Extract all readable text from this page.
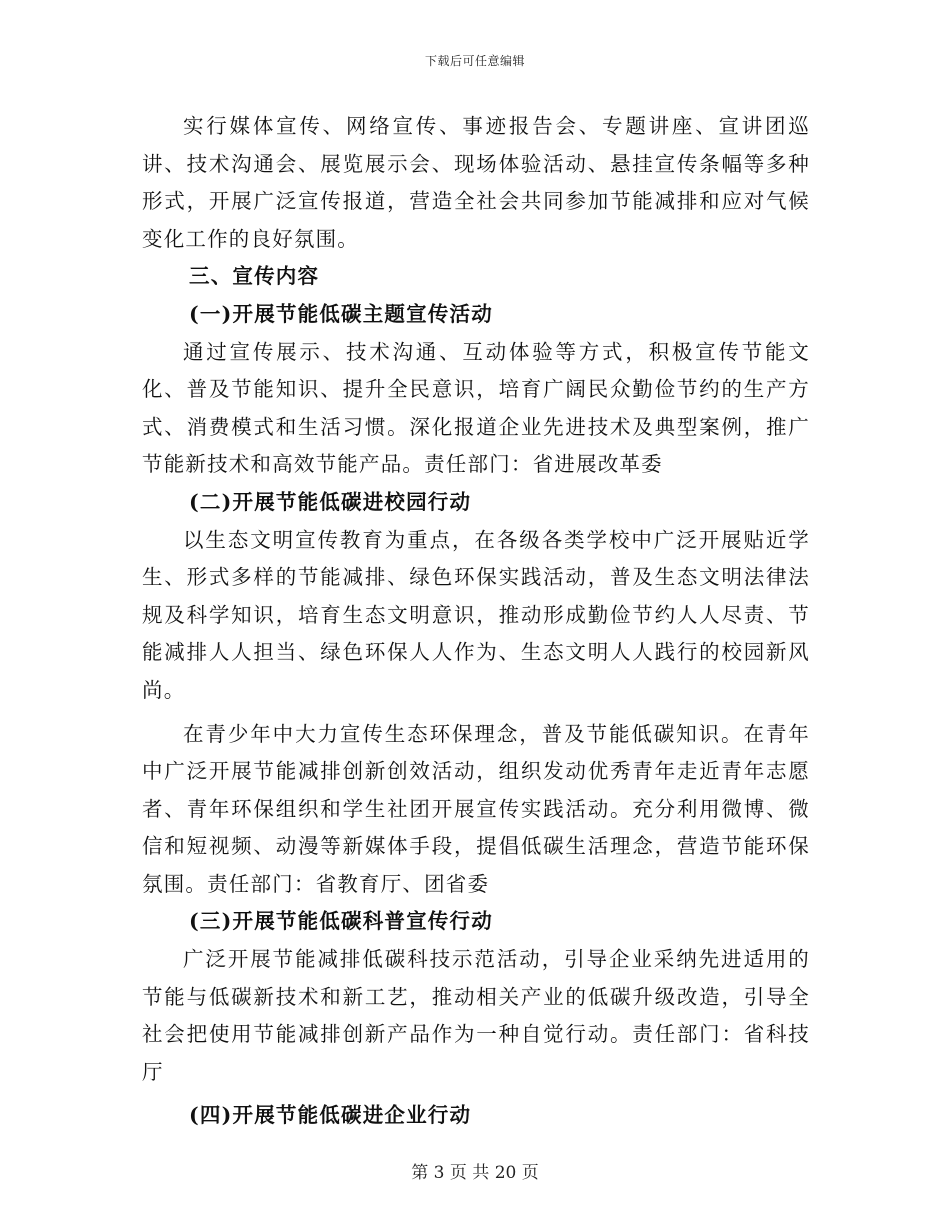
下载后可任意编辑

实行媒体宣传、网络宣传、事迹报告会、专题讲座、宣讲团巡讲、技术沟通会、展览展示会、现场体验活动、悬挂宣传条幅等多种形式，开展广泛宣传报道，营造全社会共同参加节能减排和应对气候变化工作的良好氛围。

三、宣传内容

(一)开展节能低碳主题宣传活动

通过宣传展示、技术沟通、互动体验等方式，积极宣传节能文化、普及节能知识、提升全民意识，培育广阔民众勤俭节约的生产方式、消费模式和生活习惯。深化报道企业先进技术及典型案例，推广节能新技术和高效节能产品。责任部门：省进展改革委

(二)开展节能低碳进校园行动

以生态文明宣传教育为重点，在各级各类学校中广泛开展贴近学生、形式多样的节能减排、绿色环保实践活动，普及生态文明法律法规及科学知识，培育生态文明意识，推动形成勤俭节约人人尽责、节能减排人人担当、绿色环保人人作为、生态文明人人践行的校园新风尚。

在青少年中大力宣传生态环保理念，普及节能低碳知识。在青年中广泛开展节能减排创新创效活动，组织发动优秀青年走近青年志愿者、青年环保组织和学生社团开展宣传实践活动。充分利用微博、微信和短视频、动漫等新媒体手段，提倡低碳生活理念，营造节能环保氛围。责任部门：省教育厅、团省委

(三)开展节能低碳科普宣传行动

广泛开展节能减排低碳科技示范活动，引导企业采纳先进适用的节能与低碳新技术和新工艺，推动相关产业的低碳升级改造，引导全社会把使用节能减排创新产品作为一种自觉行动。责任部门：省科技厅

(四)开展节能低碳进企业行动

第 3 页 共 20 页
